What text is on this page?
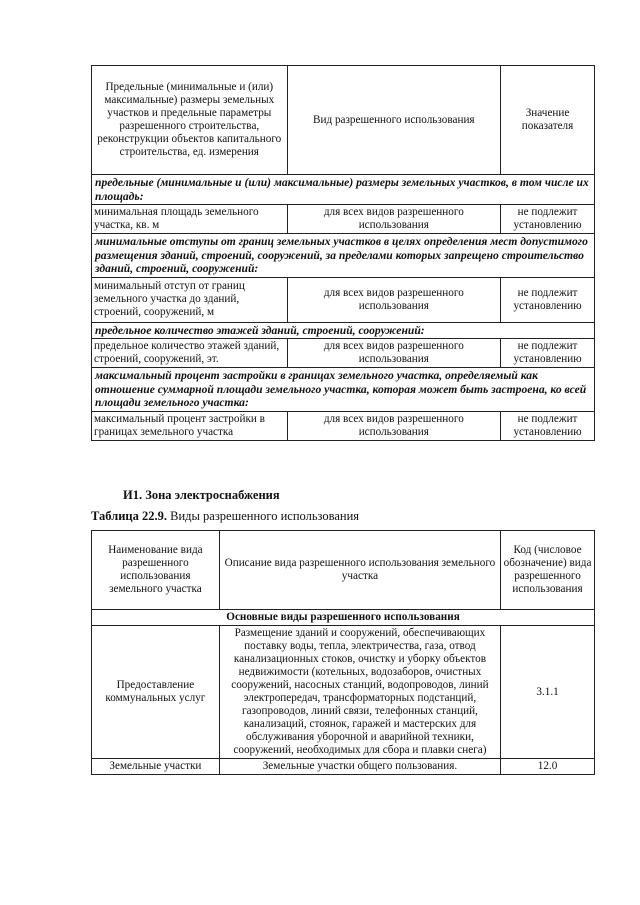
Предельные (минимальные и (или) максимальные) размеры земельных участков и предельные параметры разрешенного строительства, реконструкции объектов капитального строительства, ед. измерения	Вид разрешенного использования	Значение показателя
предельные (минимальные и (или) максимальные) размеры земельных участков, в том числе их площадь:		
минимальная площадь земельного участка, кв. м	для всех видов разрешенного использования	не подлежит установлению
минимальные отступы от границ земельных участков в целях определения мест допустимого размещения зданий, строений, сооружений, за пределами которых запрещено строительство зданий, строений, сооружений:		
минимальный отступ от границ земельного участка до зданий, строений, сооружений, м	для всех видов разрешенного использования	не подлежит установлению
предельное количество этажей зданий, строений, сооружений:		
предельное количество этажей зданий, строений, сооружений, эт.	для всех видов разрешенного использования	не подлежит установлению
максимальный процент застройки в границах земельного участка, определяемый как отношение суммарной площади земельного участка, которая может быть застроена, ко всей площади земельного участка:		
максимальный процент застройки в границах земельного участка	для всех видов разрешенного использования	не подлежит установлению
И1. Зона электроснабжения
Таблица 22.9. Виды разрешенного использования
Наименование вида разрешенного использования земельного участка	Описание вида разрешенного использования земельного участка	Код (числовое обозначение) вида разрешенного использования
Основные виды разрешенного использования		
Предоставление коммунальных услуг	Размещение зданий и сооружений, обеспечивающих поставку воды, тепла, электричества, газа, отвод канализационных стоков, очистку и уборку объектов недвижимости (котельных, водозаборов, очистных сооружений, насосных станций, водопроводов, линий электропередач, трансформаторных подстанций, газопроводов, линий связи, телефонных станций, канализаций, стоянок, гаражей и мастерских для обслуживания уборочной и аварийной техники, сооружений, необходимых для сбора и плавки снега)	3.1.1
Земельные участки	Земельные участки общего пользования.	12.0
